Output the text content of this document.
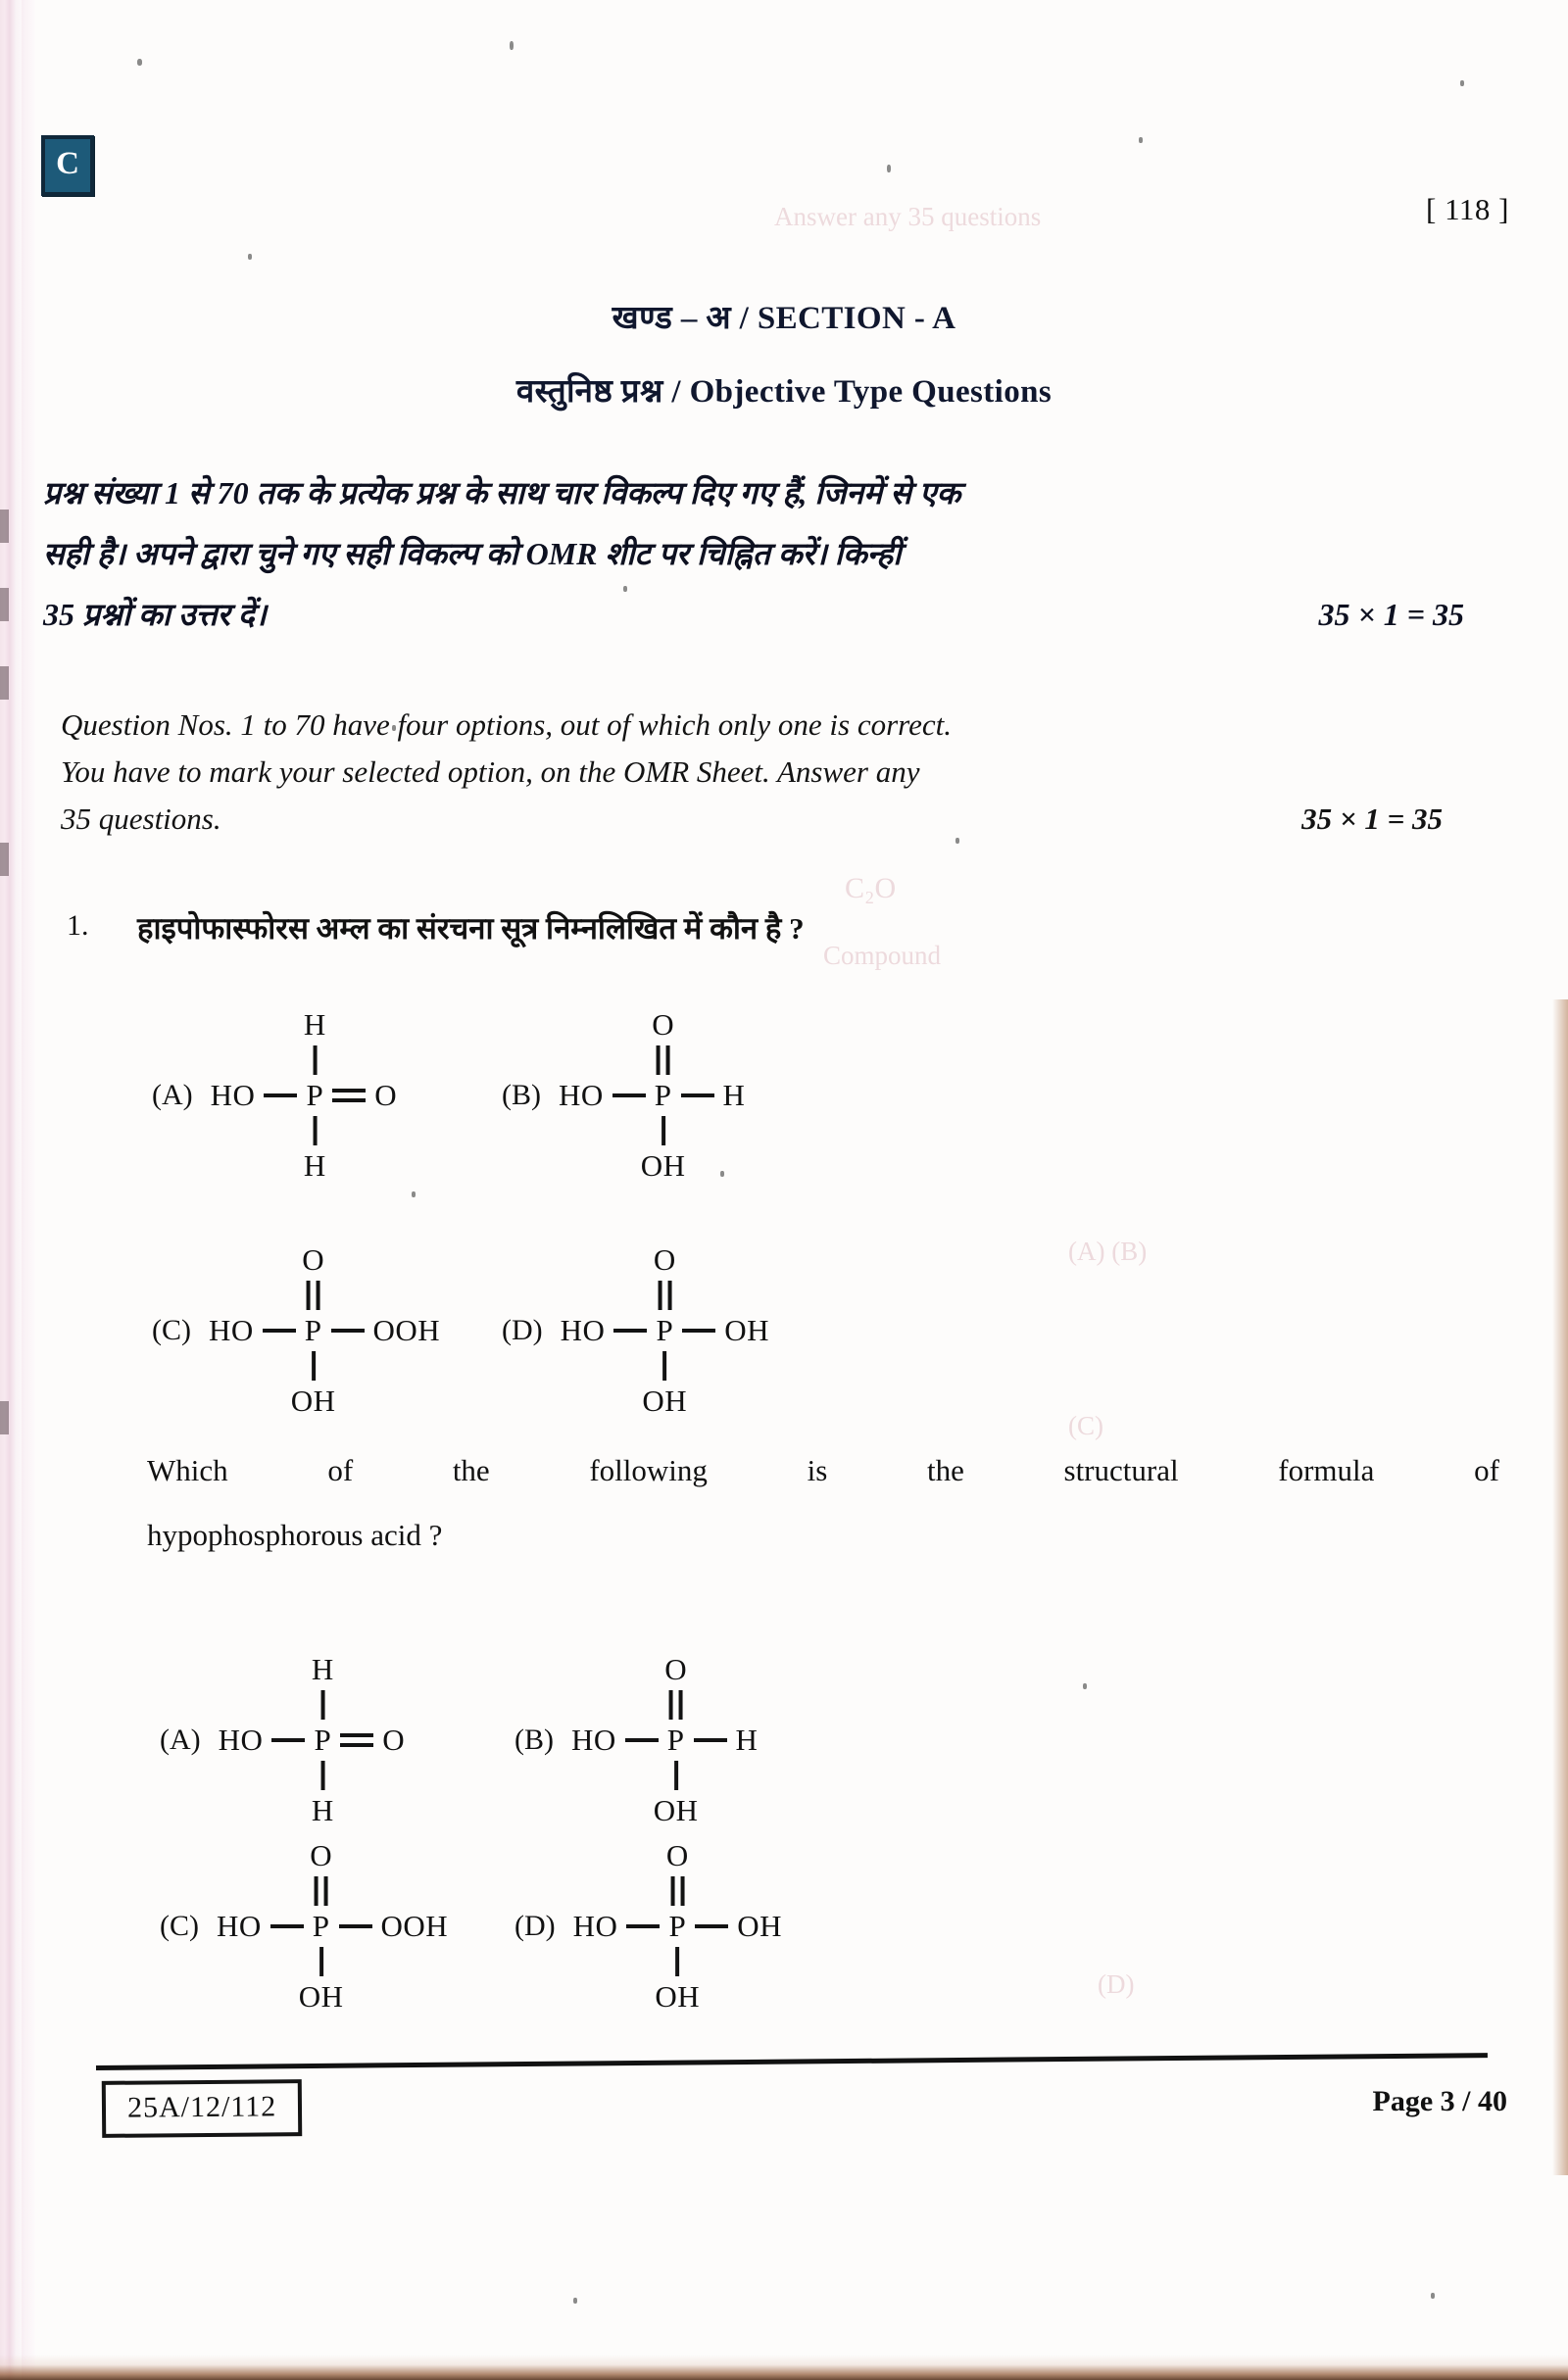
Answer any 35 questions
C₂O
Compound
(A) (B)
(C)
(D)
C
[ 118 ]
खण्ड – अ / SECTION - A
वस्तुनिष्ठ प्रश्न / Objective Type Questions
प्रश्न संख्या 1 से 70 तक के प्रत्येक प्रश्न के साथ चार विकल्प दिए गए हैं, जिनमें से एक
सही है। अपने द्वारा चुने गए सही विकल्प को OMR शीट पर चिह्नित करें। किन्हीं
35 प्रश्नों का उत्तर दें।	35 × 1 = 35
Question Nos. 1 to 70 have four options, out of which only one is correct.
You have to mark your selected option, on the OMR Sheet. Answer any
35 questions.	35 × 1 = 35
1. हाइपोफास्फोरस अम्ल का संरचना सूत्र निम्नलिखित में कौन है ?
(A) HO
H
P
H
O	(B) HO
O
P
OH
H
(C) HO
O
P
OH
OOH (D) HO
O
P
OH
OH
Which	of	the	following	is	the	structural	formula	of
hypophosphorous acid ?
(A) HO
H
P
H
O	(B) HO
O
P
OH
H
(C) HO
O
P
OH
OOH (D) HO
O
P
OH
OH
25A/12/112	Page 3 / 40
